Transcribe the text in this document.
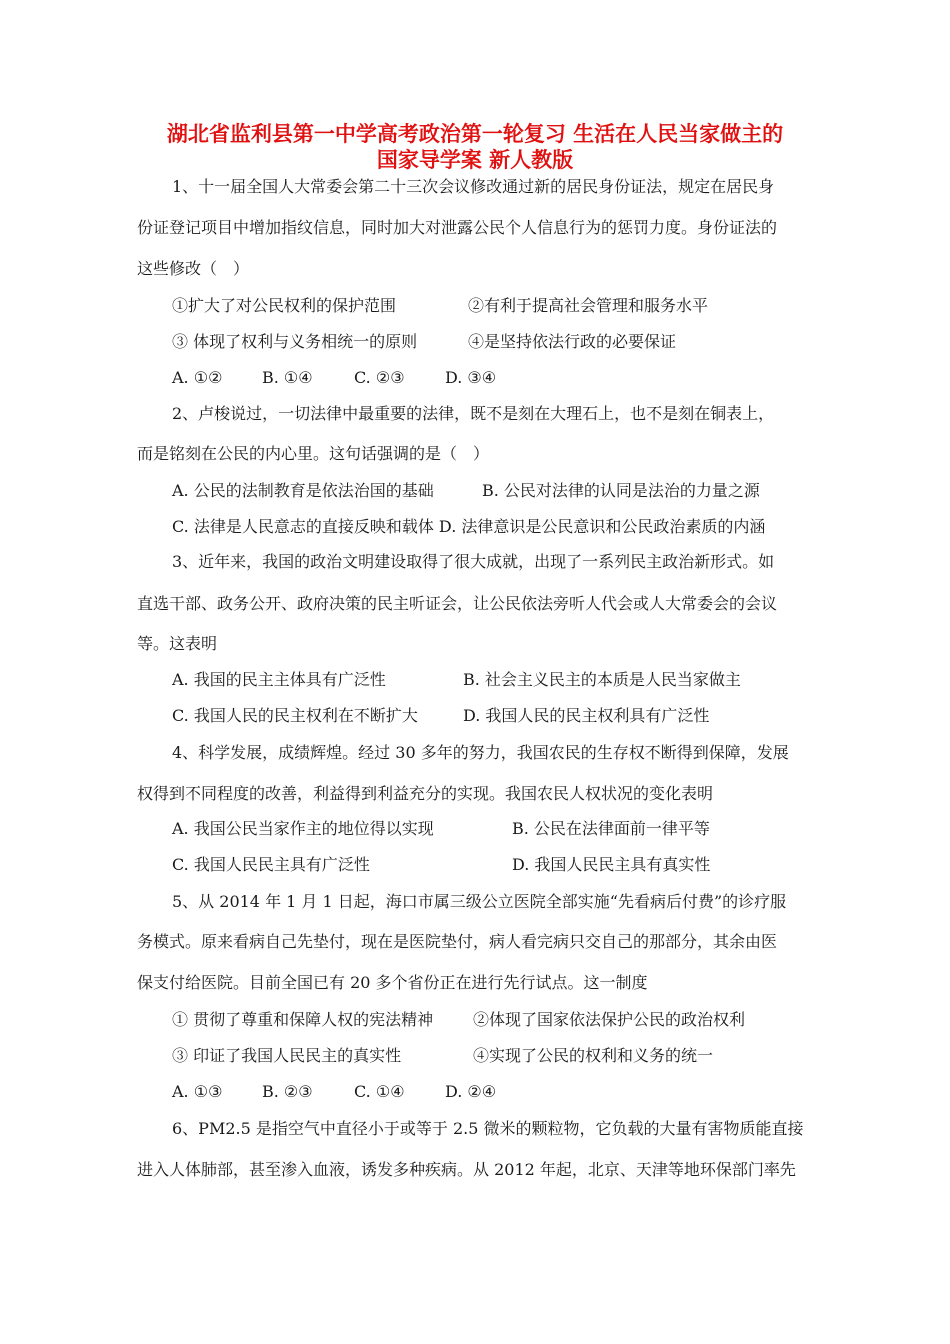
湖北省监利县第一中学高考政治第一轮复习 生活在人民当家做主的
国家导学案 新人教版
1、十一届全国人大常委会第二十三次会议修改通过新的居民身份证法，规定在居民身
份证登记项目中增加指纹信息，同时加大对泄露公民个人信息行为的惩罚力度。身份证法的
这些修改（　）
①扩大了对公民权利的保护范围	②有利于提高社会管理和服务水平
③ 体现了权利与义务相统一的原则	④是坚持依法行政的必要保证
A. ①② B. ①④	C. ②③	D. ③④
2、卢梭说过，一切法律中最重要的法律，既不是刻在大理石上，也不是刻在铜表上，
而是铭刻在公民的内心里。这句话强调的是（　）
A. 公民的法制教育是依法治国的基础	B. 公民对法律的认同是法治的力量之源
C. 法律是人民意志的直接反映和载体 D. 法律意识是公民意识和公民政治素质的内涵
3、近年来，我国的政治文明建设取得了很大成就，出现了一系列民主政治新形式。如
直选干部、政务公开、政府决策的民主听证会，让公民依法旁听人代会或人大常委会的会议
等。这表明
A. 我国的民主主体具有广泛性	B. 社会主义民主的本质是人民当家做主
C. 我国人民的民主权利在不断扩大	D. 我国人民的民主权利具有广泛性
4、科学发展，成绩辉煌。经过 30 多年的努力，我国农民的生存权不断得到保障，发展
权得到不同程度的改善，利益得到利益充分的实现。我国农民人权状况的变化表明
A. 我国公民当家作主的地位得以实现	B. 公民在法律面前一律平等
C. 我国人民民主具有广泛性	D. 我国人民民主具有真实性
5、从 2014 年 1 月 1 日起，海口市属三级公立医院全部实施“先看病后付费”的诊疗服
务模式。原来看病自己先垫付，现在是医院垫付，病人看完病只交自己的那部分，其余由医
保支付给医院。目前全国已有 20 多个省份正在进行先行试点。这一制度
① 贯彻了尊重和保障人权的宪法精神 ②体现了国家依法保护公民的政治权利
③ 印证了我国人民民主的真实性	④实现了公民的权利和义务的统一
A. ①③ B. ②③	C. ①④	D. ②④
6、PM2.5 是指空气中直径小于或等于 2.5 微米的颗粒物，它负载的大量有害物质能直接
进入人体肺部，甚至渗入血液，诱发多种疾病。从 2012 年起，北京、天津等地环保部门率先
